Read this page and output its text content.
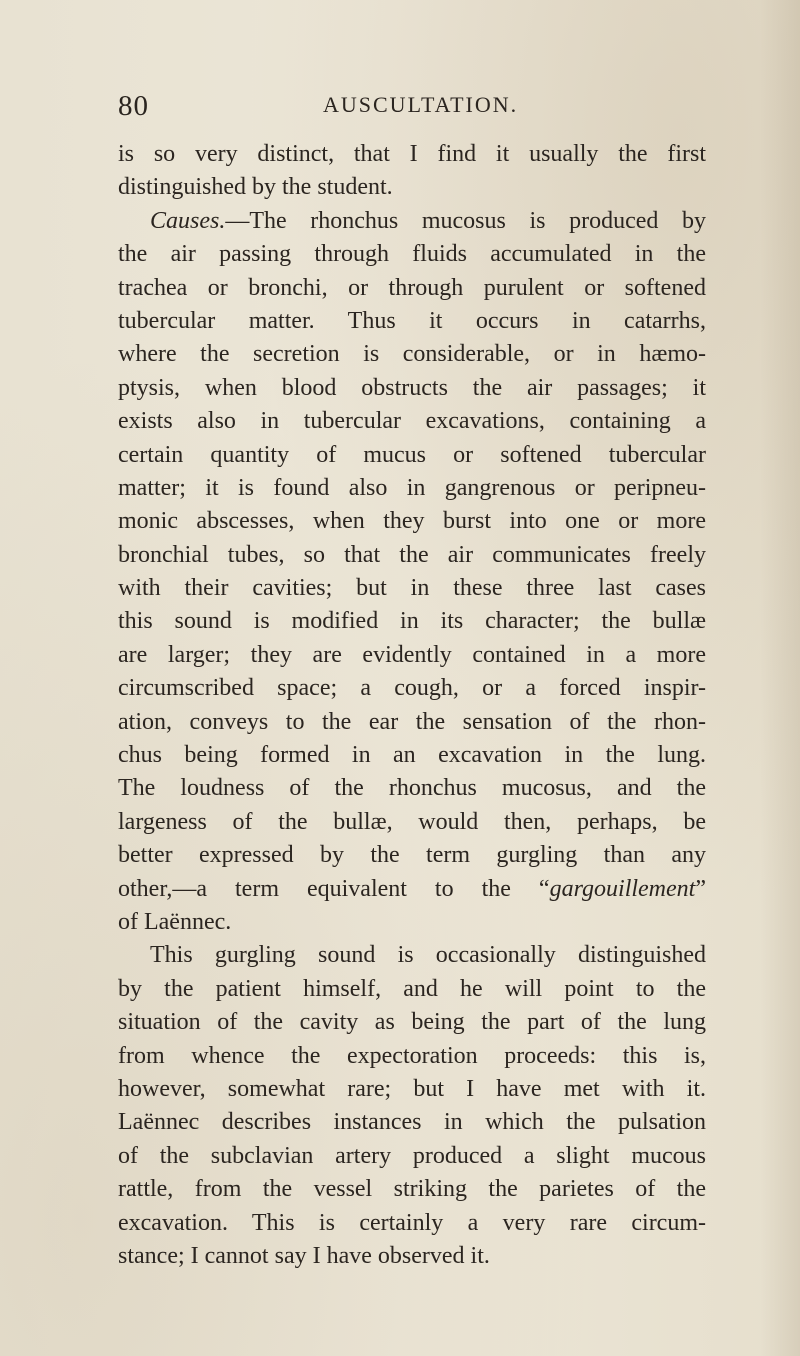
80	AUSCULTATION.
is so very distinct, that I find it usually the first
distinguished by the student.
Causes.—The rhonchus mucosus is produced by
the air passing through fluids accumulated in the
trachea or bronchi, or through purulent or softened
tubercular matter. Thus it occurs in catarrhs,
where the secretion is considerable, or in hæmo-
ptysis, when blood obstructs the air passages; it
exists also in tubercular excavations, containing a
certain quantity of mucus or softened tubercular
matter; it is found also in gangrenous or peripneu-
monic abscesses, when they burst into one or more
bronchial tubes, so that the air communicates freely
with their cavities; but in these three last cases
this sound is modified in its character; the bullæ
are larger; they are evidently contained in a more
circumscribed space; a cough, or a forced inspir-
ation, conveys to the ear the sensation of the rhon-
chus being formed in an excavation in the lung.
The loudness of the rhonchus mucosus, and the
largeness of the bullæ, would then, perhaps, be
better expressed by the term gurgling than any
other,—a term equivalent to the “gargouillement”
of Laënnec.
This gurgling sound is occasionally distinguished
by the patient himself, and he will point to the
situation of the cavity as being the part of the lung
from whence the expectoration proceeds: this is,
however, somewhat rare; but I have met with it.
Laënnec describes instances in which the pulsation
of the subclavian artery produced a slight mucous
rattle, from the vessel striking the parietes of the
excavation. This is certainly a very rare circum-
stance; I cannot say I have observed it.
